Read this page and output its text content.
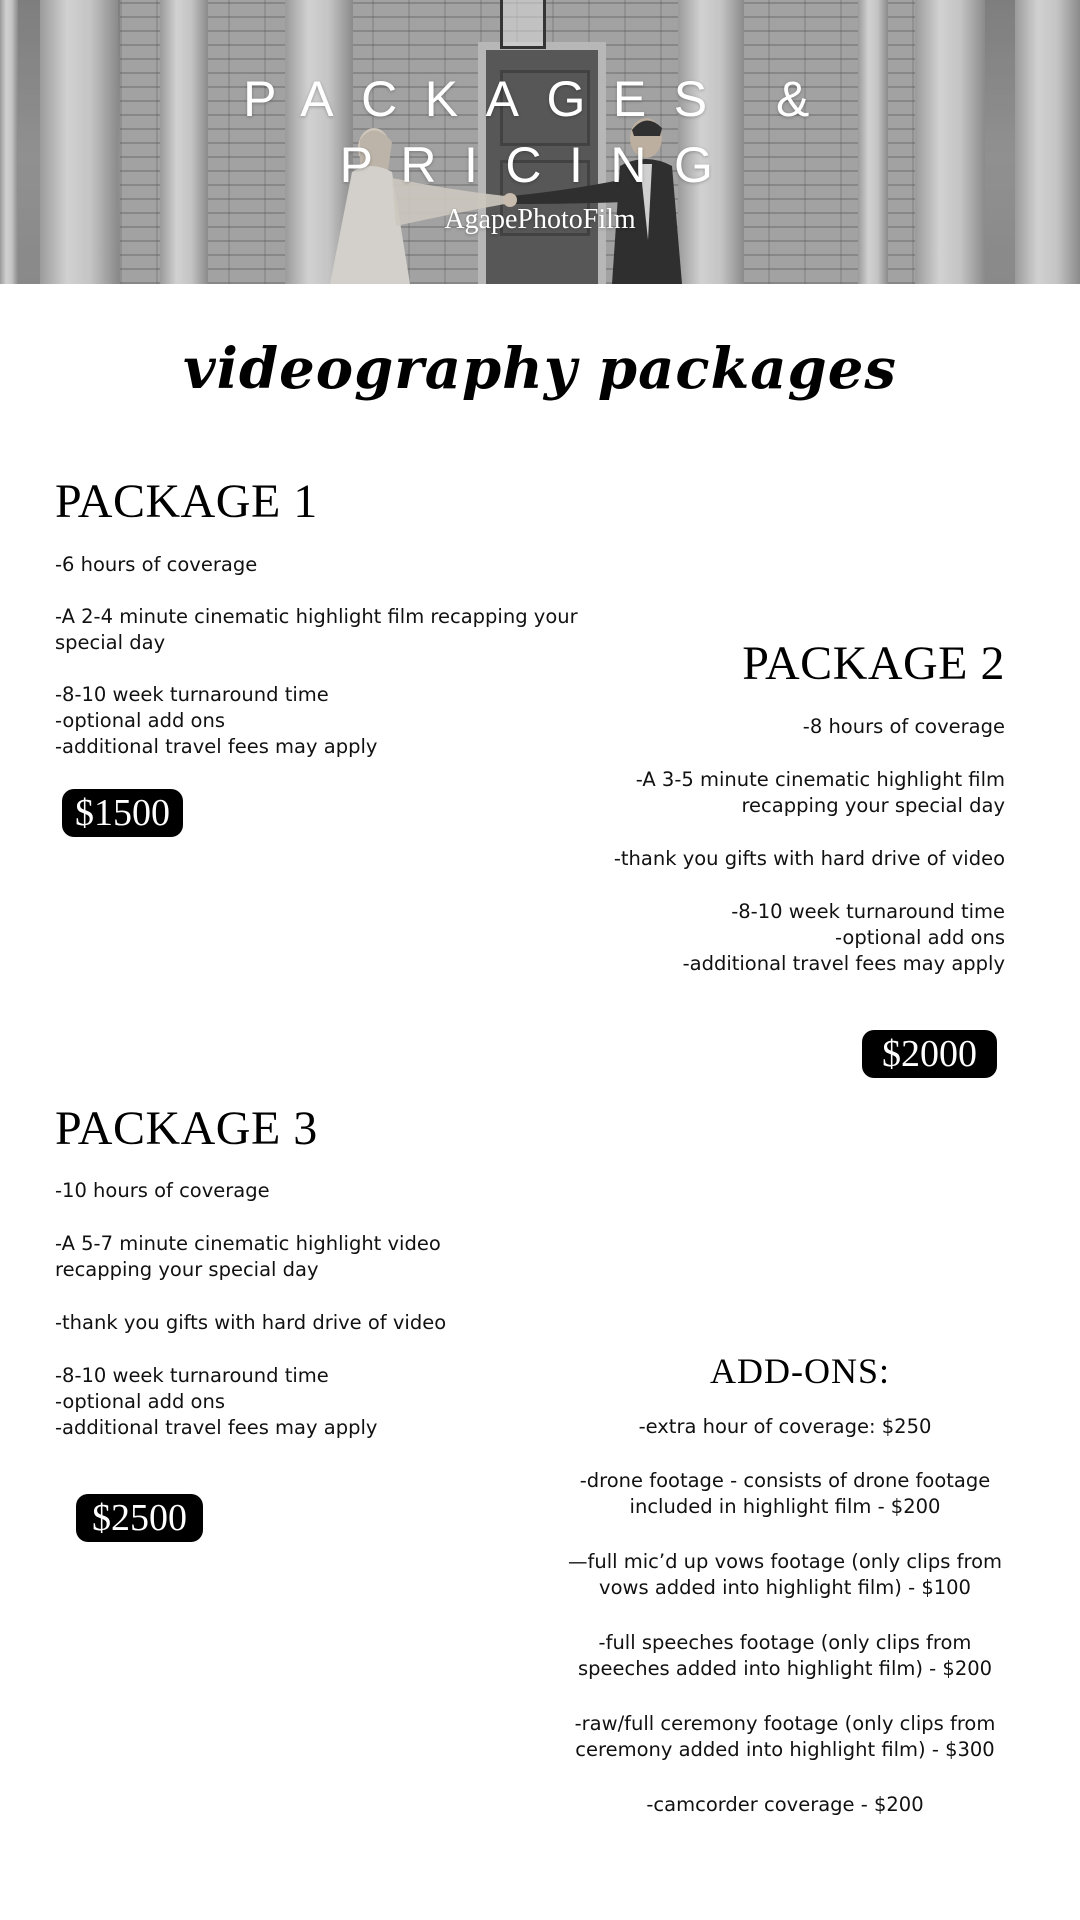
PACKAGES &
PRICING
AgapePhotoFilm
videography packages
PACKAGE 1
-6 hours of coverage
-A 2-4 minute cinematic highlight film recapping your
special day
-8-10 week turnaround time
-optional add ons
-additional travel fees may apply
$1500
PACKAGE 2
-8 hours of coverage
-A 3-5 minute cinematic highlight film
recapping your special day
-thank you gifts with hard drive of video
-8-10 week turnaround time
-optional add ons
-additional travel fees may apply
$2000
PACKAGE 3
-10 hours of coverage
-A 5-7 minute cinematic highlight video
recapping your special day
-thank you gifts with hard drive of video
-8-10 week turnaround time
-optional add ons
-additional travel fees may apply
$2500
ADD-ONS:
-extra hour of coverage: $250
-drone footage - consists of drone footage
included in highlight film - $200
—full mic’d up vows footage (only clips from
vows added into highlight film) - $100
-full speeches footage (only clips from
speeches added into highlight film) - $200
-raw/full ceremony footage (only clips from
ceremony added into highlight film) - $300
-camcorder coverage - $200
